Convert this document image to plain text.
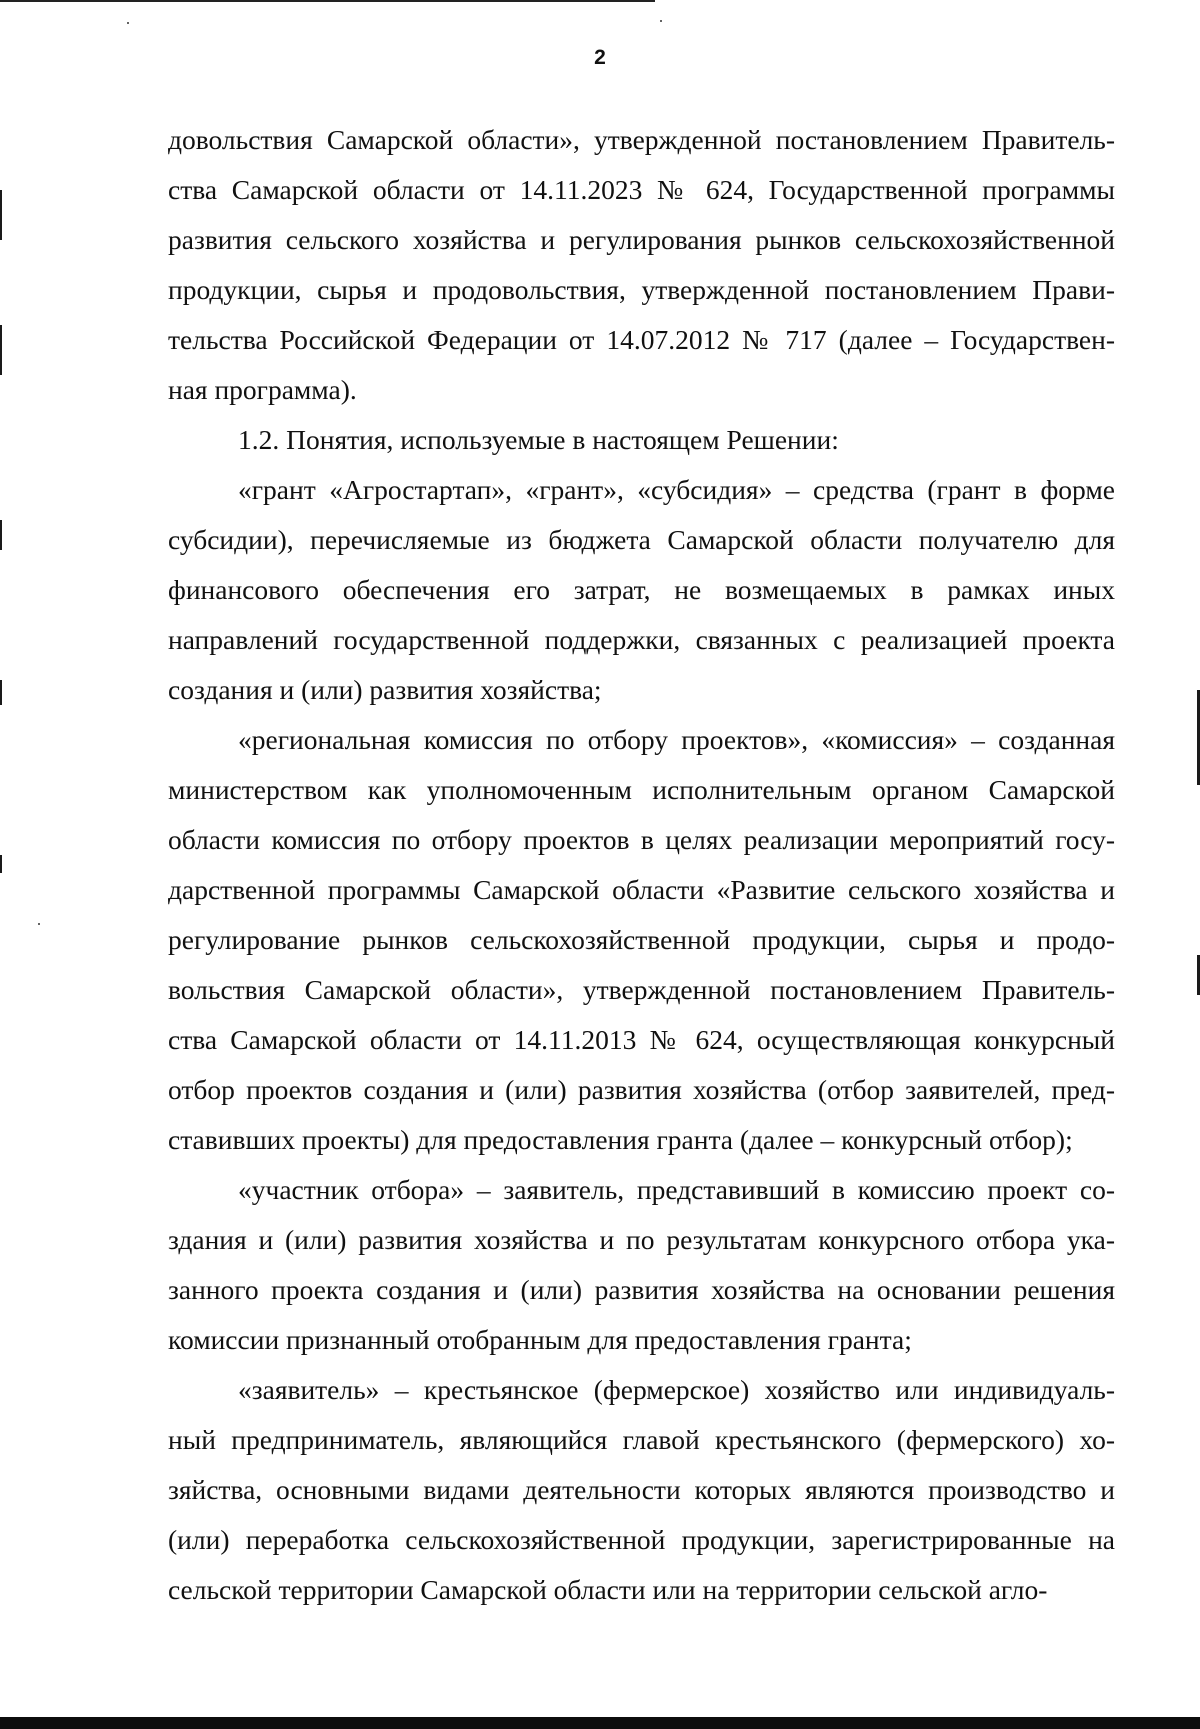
2
довольствия Самарской области», утвержденной постановлением Правитель-
ства Самарской области от 14.11.2023 № 624, Государственной программы
развития сельского хозяйства и регулирования рынков сельскохозяйственной
продукции, сырья и продовольствия, утвержденной постановлением Прави-
тельства Российской Федерации от 14.07.2012 № 717 (далее – Государствен-
ная программа).
1.2. Понятия, используемые в настоящем Решении:
«грант «Агростартап», «грант», «субсидия» – средства (грант в форме
субсидии), перечисляемые из бюджета Самарской области получателю для
финансового обеспечения его затрат, не возмещаемых в рамках иных
направлений государственной поддержки, связанных с реализацией проекта
создания и (или) развития хозяйства;
«региональная комиссия по отбору проектов», «комиссия» – созданная
министерством как уполномоченным исполнительным органом Самарской
области комиссия по отбору проектов в целях реализации мероприятий госу-
дарственной программы Самарской области «Развитие сельского хозяйства и
регулирование рынков сельскохозяйственной продукции, сырья и продо-
вольствия Самарской области», утвержденной постановлением Правитель-
ства Самарской области от 14.11.2013 № 624, осуществляющая конкурсный
отбор проектов создания и (или) развития хозяйства (отбор заявителей, пред-
ставивших проекты) для предоставления гранта (далее – конкурсный отбор);
«участник отбора» – заявитель, представивший в комиссию проект со-
здания и (или) развития хозяйства и по результатам конкурсного отбора ука-
занного проекта создания и (или) развития хозяйства на основании решения
комиссии признанный отобранным для предоставления гранта;
«заявитель» – крестьянское (фермерское) хозяйство или индивидуаль-
ный предприниматель, являющийся главой крестьянского (фермерского) хо-
зяйства, основными видами деятельности которых являются производство и
(или) переработка сельскохозяйственной продукции, зарегистрированные на
сельской территории Самарской области или на территории сельской агло-
